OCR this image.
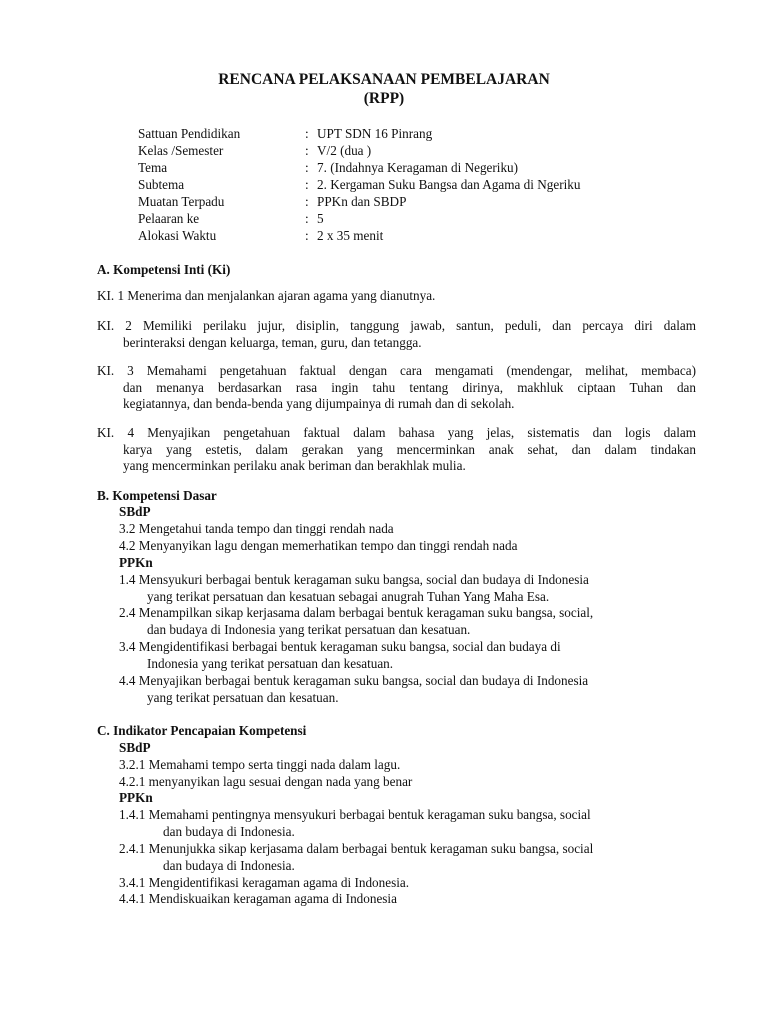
RENCANA PELAKSANAAN PEMBELAJARAN
(RPP)
Sattuan Pendidikan	:	UPT SDN 16 Pinrang
Kelas /Semester	:	V/2 (dua )
Tema	:	7. (Indahnya Keragaman di Negeriku)
Subtema	:	2. Kergaman Suku Bangsa dan Agama di Ngeriku
Muatan Terpadu	:	PPKn dan SBDP
Pelaaran ke	:	5
Alokasi Waktu	:	2 x 35 menit
A. Kompetensi Inti (Ki)
KI. 1 Menerima dan menjalankan ajaran agama yang dianutnya.
KI. 2 Memiliki perilaku jujur, disiplin, tanggung jawab, santun, peduli, dan percaya diri dalam
berinteraksi dengan keluarga, teman, guru, dan tetangga.
KI. 3 Memahami pengetahuan faktual dengan cara mengamati (mendengar, melihat, membaca)
dan menanya berdasarkan rasa ingin tahu tentang dirinya, makhluk ciptaan Tuhan dan
kegiatannya, dan benda-benda yang dijumpainya di rumah dan di sekolah.
KI. 4 Menyajikan pengetahuan faktual dalam bahasa yang jelas, sistematis dan logis dalam
karya yang estetis, dalam gerakan yang mencerminkan anak sehat, dan dalam tindakan
yang mencerminkan perilaku anak beriman dan berakhlak mulia.
B. Kompetensi Dasar
SBdP
3.2 Mengetahui tanda tempo dan tinggi rendah nada
4.2 Menyanyikan lagu dengan memerhatikan tempo dan tinggi rendah nada
PPKn
1.4 Mensyukuri berbagai bentuk keragaman suku bangsa, social dan budaya di Indonesia
yang terikat persatuan dan kesatuan sebagai anugrah Tuhan Yang Maha Esa.
2.4 Menampilkan sikap kerjasama dalam berbagai bentuk keragaman suku bangsa, social,
dan budaya di Indonesia yang terikat persatuan dan kesatuan.
3.4 Mengidentifikasi berbagai bentuk keragaman suku bangsa, social dan budaya di
Indonesia yang terikat persatuan dan kesatuan.
4.4 Menyajikan berbagai bentuk keragaman suku bangsa, social dan budaya di Indonesia
yang terikat persatuan dan kesatuan.
C. Indikator Pencapaian Kompetensi
SBdP
3.2.1 Memahami tempo serta tinggi nada dalam lagu.
4.2.1 menyanyikan lagu sesuai dengan nada yang benar
PPKn
1.4.1 Memahami pentingnya mensyukuri berbagai bentuk keragaman suku bangsa, social
dan budaya di Indonesia.
2.4.1 Menunjukka sikap kerjasama dalam berbagai bentuk keragaman suku bangsa, social
dan budaya di Indonesia.
3.4.1 Mengidentifikasi keragaman agama di Indonesia.
4.4.1 Mendiskuaikan keragaman agama di Indonesia
